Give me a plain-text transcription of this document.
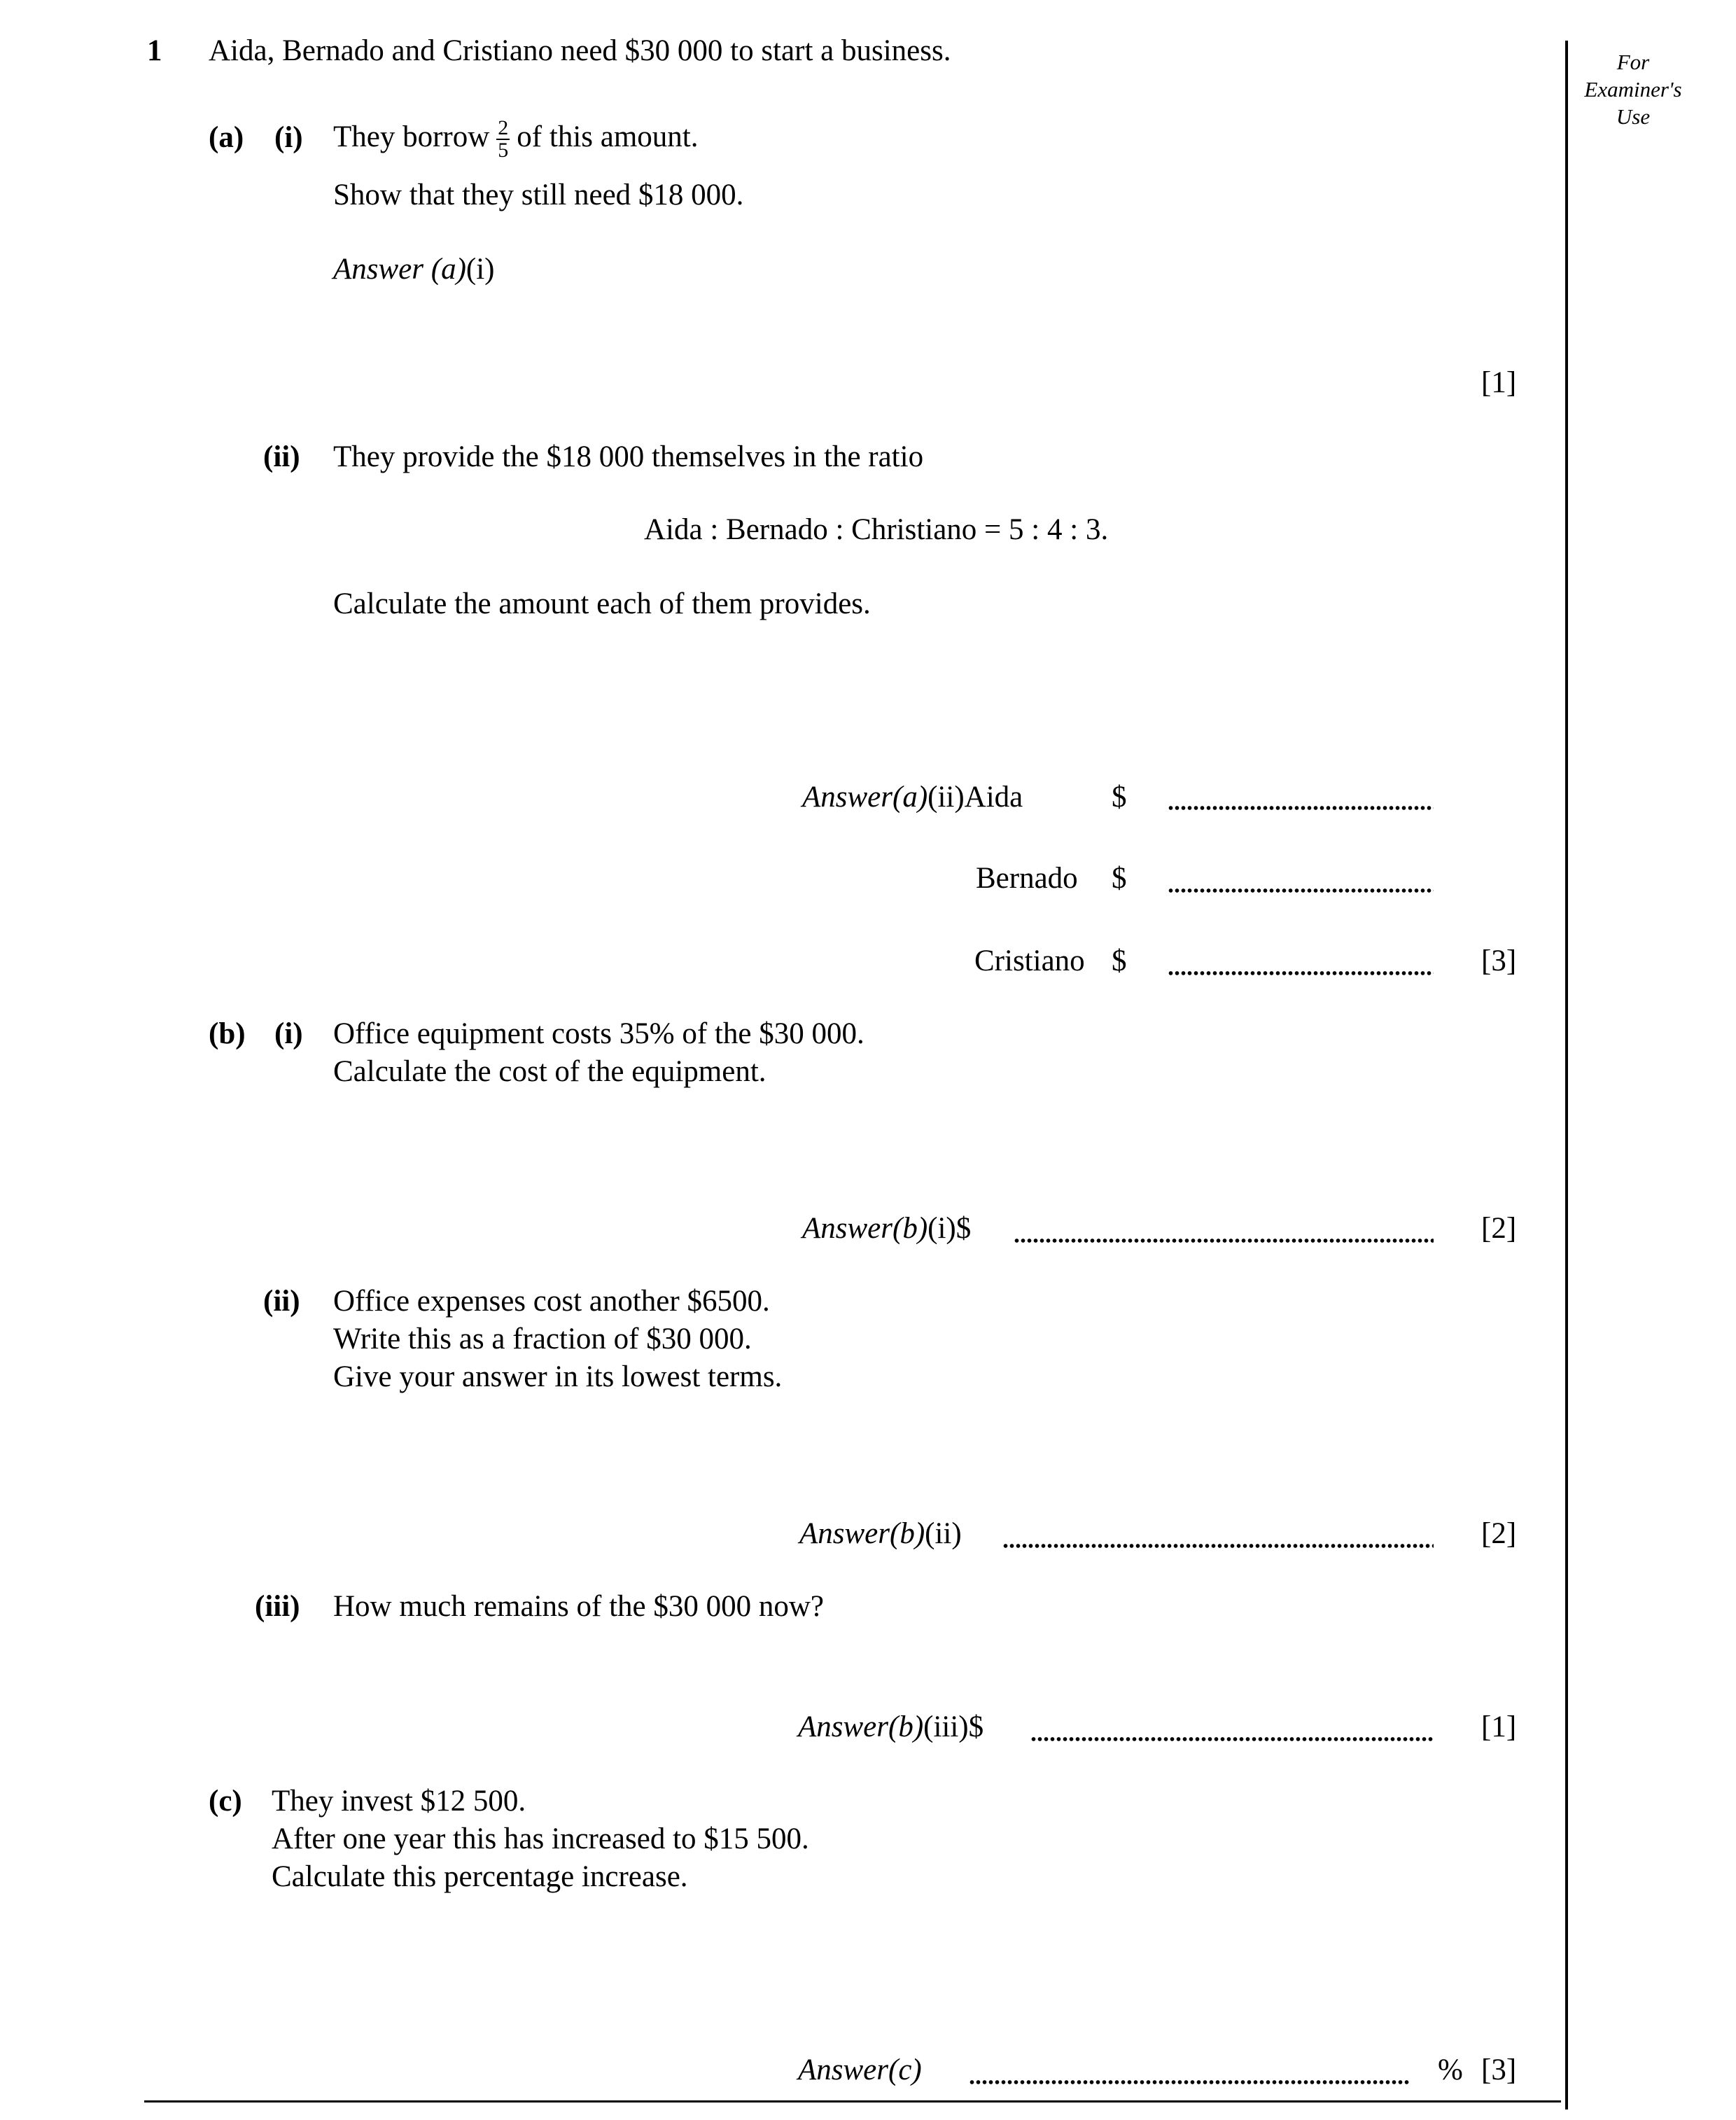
For
Examiner's
Use
1 Aida, Bernado and Cristiano need $30 000 to start a business.
(a) (i) They borrow $\frac{2}{5}$ of this amount.
Show that they still need $18 000.
Answer (a)(i)
[1]
(ii) They provide the $18 000 themselves in the ratio
Aida : Bernado : Christiano = 5 : 4 : 3.
Calculate the amount each of them provides.
Answer(a)(ii)Aida	$
Bernado $
Cristiano $	[3]
(b) (i) Office equipment costs 35% of the $30 000.
Calculate the cost of the equipment.
Answer(b)(i)$	[2]
(ii) Office expenses cost another $6500.
Write this as a fraction of $30 000.
Give your answer in its lowest terms.
Answer(b)(ii)	[2]
(iii) How much remains of the $30 000 now?
Answer(b)(iii)$	[1]
(c) They invest $12 500.
After one year this has increased to $15 500.
Calculate this percentage increase.
Answer(c)	% [3]
